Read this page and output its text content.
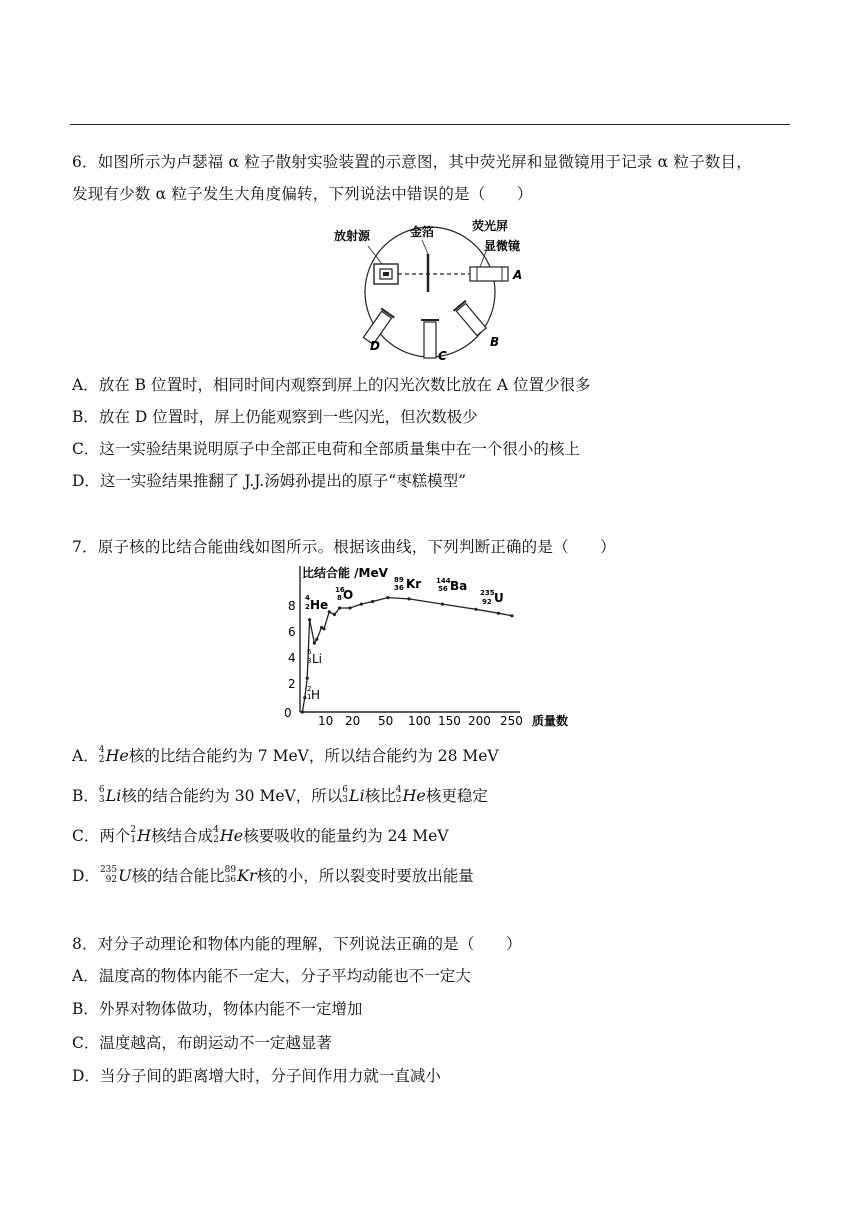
6．如图所示为卢瑟福 α 粒子散射实验装置的示意图，其中荧光屏和显微镜用于记录 α 粒子数目，
发现有少数 α 粒子发生大角度偏转，下列说法中错误的是（　　）
放射源	金箔	荧光屏
显微镜
A
B
C
D
A．放在 B 位置时，相同时间内观察到屏上的闪光次数比放在 A 位置少很多
B．放在 D 位置时，屏上仍能观察到一些闪光，但次数极少
C．这一实验结果说明原子中全部正电荷和全部质量集中在一个很小的核上
D．这一实验结果推翻了 J.J.汤姆孙提出的原子“枣糕模型”
7．原子核的比结合能曲线如图所示。根据该曲线，下列判断正确的是（　　）
比结合能 /MeV
质量数
0
2
4
6
8
10 20 50 100 150 200 250
2
1 H
6
3 Li
4
2 He
16
8 O
89
36 Kr 144
56 Ba 235
92 U
A． 4
2 He核的比结合能约为 7 MeV，所以结合能约为 28 MeV
B． 6
3 Li核的结合能约为 30 MeV，所以 6
3 Li核比 4
2 He核更稳定
C．两个 2
1 H核结合成 4
2 He核要吸收的能量约为 24 MeV
D． 235
92 U核的结合能比 89
36 Kr核的小，所以裂变时要放出能量
8．对分子动理论和物体内能的理解，下列说法正确的是（　　）
A．温度高的物体内能不一定大，分子平均动能也不一定大
B．外界对物体做功，物体内能不一定增加
C．温度越高，布朗运动不一定越显著
D．当分子间的距离增大时，分子间作用力就一直减小
